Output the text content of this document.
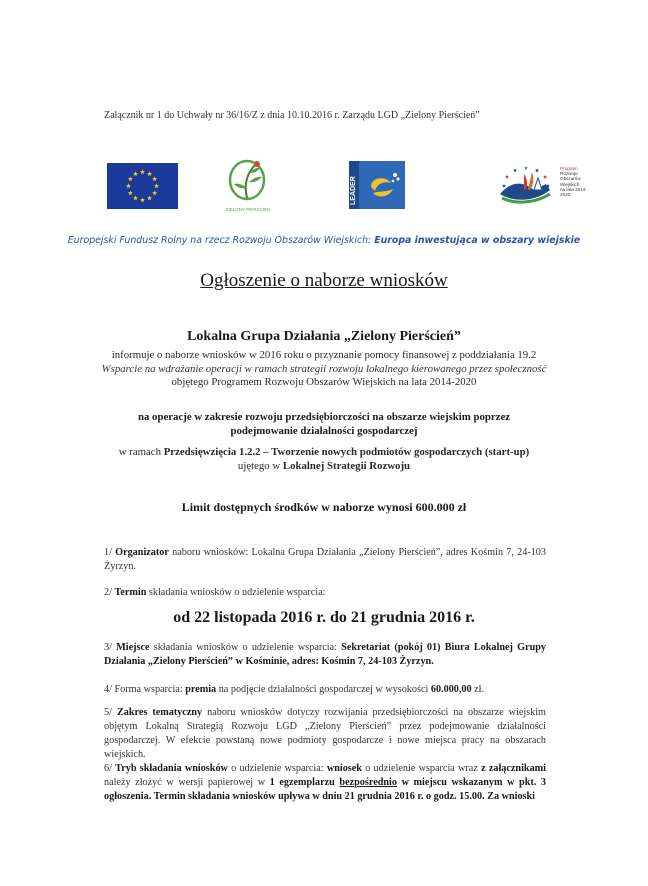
Załącznik nr 1 do Uchwały nr 36/16/Z z dnia 10.10.2016 r. Zarządu LGD „Zielony Pierścień”
ZIELONY PIERŚCIEŃ
LEADER
Program
Rozwoju
Obszarów
Wiejskich
na lata 2014-2020
Europejski Fundusz Rolny na rzecz Rozwoju Obszarów Wiejskich: Europa inwestująca w obszary wiejskie
Ogłoszenie o naborze wniosków
Lokalna Grupa Działania „Zielony Pierścień”
informuje o naborze wniosków w 2016 roku o przyznanie pomocy finansowej z poddziałania 19.2
Wsparcie na wdrażanie operacji w ramach strategii rozwoju lokalnego kierowanego przez społeczność objętego Programem Rozwoju Obszarów Wiejskich na lata 2014-2020
na operacje w zakresie rozwoju przedsiębiorczości na obszarze wiejskim poprzez podejmowanie działalności gospodarczej
w ramach Przedsięwzięcia 1.2.2 – Tworzenie nowych podmiotów gospodarczych (start-up)
ujętego w Lokalnej Strategii Rozwoju
Limit dostępnych środków w naborze wynosi 600.000 zł
1/ Organizator naboru wniosków: Lokalna Grupa Działania „Zielony Pierścień”, adres Kośmin 7, 24-103 Żyrzyn.
2/ Termin składania wniosków o udzielenie wsparcia:
od 22 listopada 2016 r. do 21 grudnia 2016 r.
3/ Miejsce składania wniosków o udzielenie wsparcia: Sekretariat (pokój 01) Biura Lokalnej Grupy Działania „Zielony Pierścień” w Kośminie, adres: Kośmin 7, 24-103 Żyrzyn.
4/ Forma wsparcia: premia na podjęcie działalności gospodarczej w wysokości 60.000,00 zł.
5/ Zakres tematyczny naboru wniosków dotyczy rozwijania przedsiębiorczości na obszarze wiejskim objętym Lokalną Strategią Rozwoju LGD „Zielony Pierścień” przez podejmowanie działalności gospodarczej. W efekcie powstaną nowe podmioty gospodarcze i nowe miejsca pracy na obszarach wiejskich.
6/ Tryb składania wniosków o udzielenie wsparcia: wniosek o udzielenie wsparcia wraz z załącznikami należy złożyć w wersji papierowej w 1 egzemplarzu bezpośrednio w miejscu wskazanym w pkt. 3 ogłoszenia. Termin składania wniosków upływa w dniu 21 grudnia 2016 r. o godz. 15.00. Za wnioski
